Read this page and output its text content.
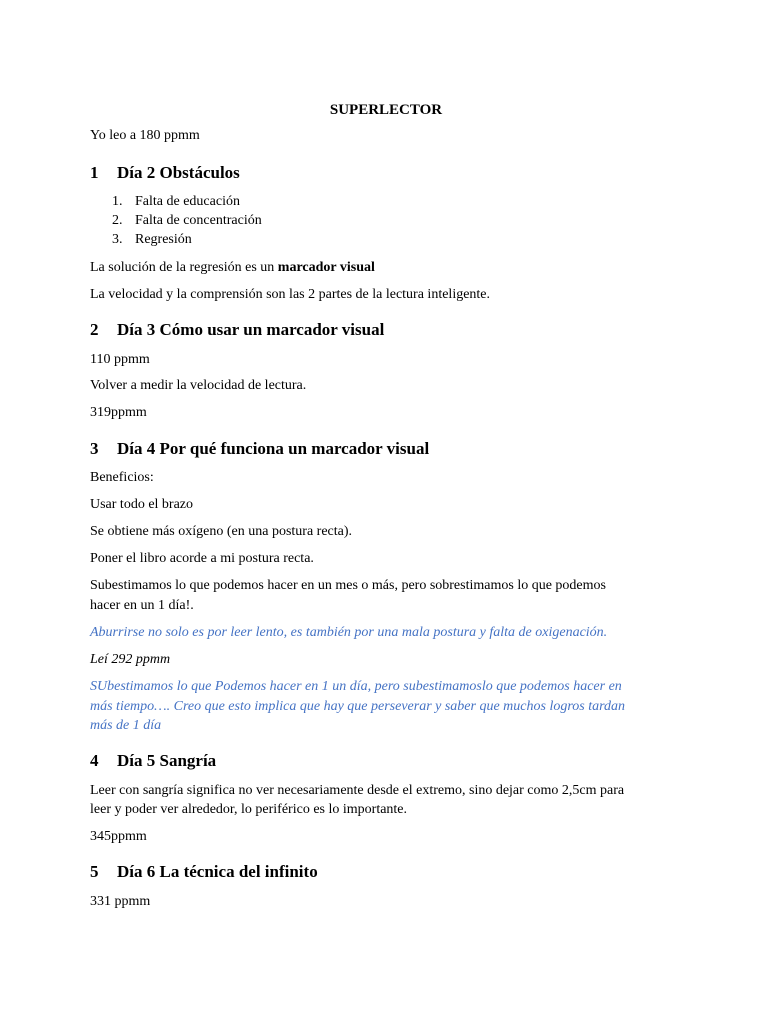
SUPERLECTOR
Yo leo a 180 ppmm
1 Día 2 Obstáculos
1. Falta de educación
2. Falta de concentración
3. Regresión
La solución de la regresión es un marcador visual
La velocidad y la comprensión son las 2 partes de la lectura inteligente.
2 Día 3 Cómo usar un marcador visual
110 ppmm
Volver a medir la velocidad de lectura.
319ppmm
3 Día 4 Por qué funciona un marcador visual
Beneficios:
Usar todo el brazo
Se obtiene más oxígeno (en una postura recta).
Poner el libro acorde a mi postura recta.
Subestimamos lo que podemos hacer en un mes o más, pero sobrestimamos lo que podemos
hacer en un 1 día!.
Aburrirse no solo es por leer lento, es también por una mala postura y falta de oxigenación.
Leí 292 ppmm
SUbestimamos lo que Podemos hacer en 1 un día, pero subestimamoslo que podemos hacer en
más tiempo…. Creo que esto implica que hay que perseverar y saber que muchos logros tardan
más de 1 día
4 Día 5 Sangría
Leer con sangría significa no ver necesariamente desde el extremo, sino dejar como 2,5cm para
leer y poder ver alrededor, lo periférico es lo importante.
345ppmm
5 Día 6 La técnica del infinito
331 ppmm
